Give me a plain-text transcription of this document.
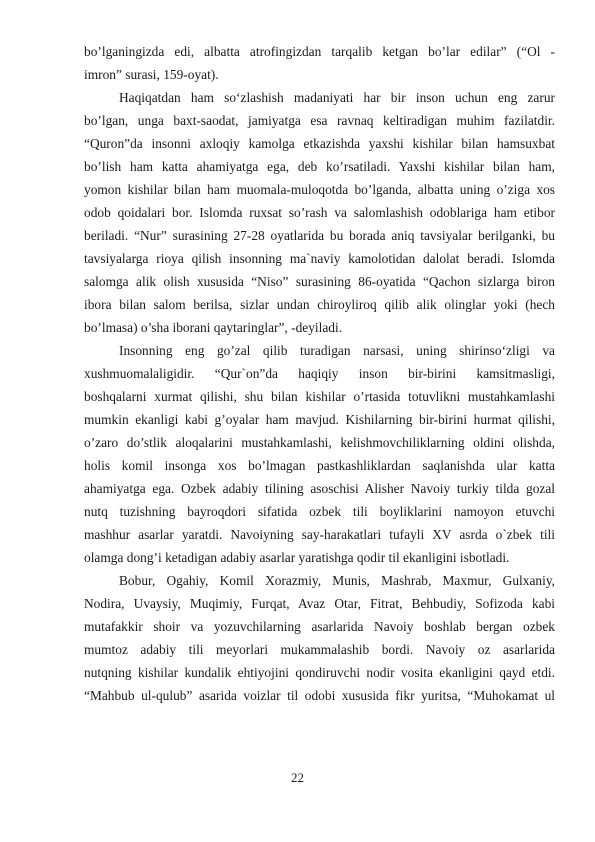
bo’lganingizda edi, albatta atrofingizdan tarqalib ketgan bo’lar edilar” (“Ol -
imron” surasi, 159-oyat).
Haqiqatdan ham so‘zlashish madaniyati har bir inson uchun eng zarur
bo’lgan, unga baxt-saodat, jamiyatga esa ravnaq keltiradigan muhim fazilatdir.
“Quron”da insonni axloqiy kamolga etkazishda yaxshi kishilar bilan hamsuxbat
bo’lish ham katta ahamiyatga ega, deb ko’rsatiladi. Yaxshi kishilar bilan ham,
yomon kishilar bilan ham muomala-muloqotda bo’lganda, albatta uning o’ziga xos
odob qoidalari bor. Islomda ruxsat so’rash va salomlashish odoblariga ham etibor
beriladi. “Nur” surasining 27-28 oyatlarida bu borada aniq tavsiyalar berilganki, bu
tavsiyalarga rioya qilish insonning ma`naviy kamolotidan dalolat beradi. Islomda
salomga alik olish xususida “Niso” surasining 86-oyatida “Qachon sizlarga biron
ibora bilan salom berilsa, sizlar undan chiroyliroq qilib alik olinglar yoki (hech
bo’lmasa) o’sha iborani qaytaringlar”, -deyiladi.
Insonning eng go’zal qilib turadigan narsasi, uning shirinso‘zligi va
xushmuomalaligidir. “Qur`on”da haqiqiy inson bir-birini kamsitmasligi,
boshqalarni xurmat qilishi, shu bilan kishilar o’rtasida totuvlikni mustahkamlashi
mumkin ekanligi kabi g’oyalar ham mavjud. Kishilarning bir-birini hurmat qilishi,
o’zaro do’stlik aloqalarini mustahkamlashi, kelishmovchiliklarning oldini olishda,
holis komil insonga xos bo’lmagan pastkashliklardan saqlanishda ular katta
ahamiyatga ega. Ozbek adabiy tilining asoschisi Alisher Navoiy turkiy tilda gozal
nutq tuzishning bayroqdori sifatida ozbek tili boyliklarini namoyon etuvchi
mashhur asarlar yaratdi. Navoiyning say-harakatlari tufayli XV asrda o`zbek tili
olamga dong’i ketadigan adabiy asarlar yaratishga qodir til ekanligini isbotladi.
Bobur, Ogahiy, Komil Xorazmiy, Munis, Mashrab, Maxmur, Gulxaniy,
Nodira, Uvaysiy, Muqimiy, Furqat, Avaz Otar, Fitrat, Behbudiy, Sofizoda kabi
mutafakkir shoir va yozuvchilarning asarlarida Navoiy boshlab bergan ozbek
mumtoz adabiy tili meyorlari mukammalashib bordi. Navoiy oz asarlarida
nutqning kishilar kundalik ehtiyojini qondiruvchi nodir vosita ekanligini qayd etdi.
“Mahbub ul-qulub” asarida voizlar til odobi xususida fikr yuritsa, “Muhokamat ul
22
